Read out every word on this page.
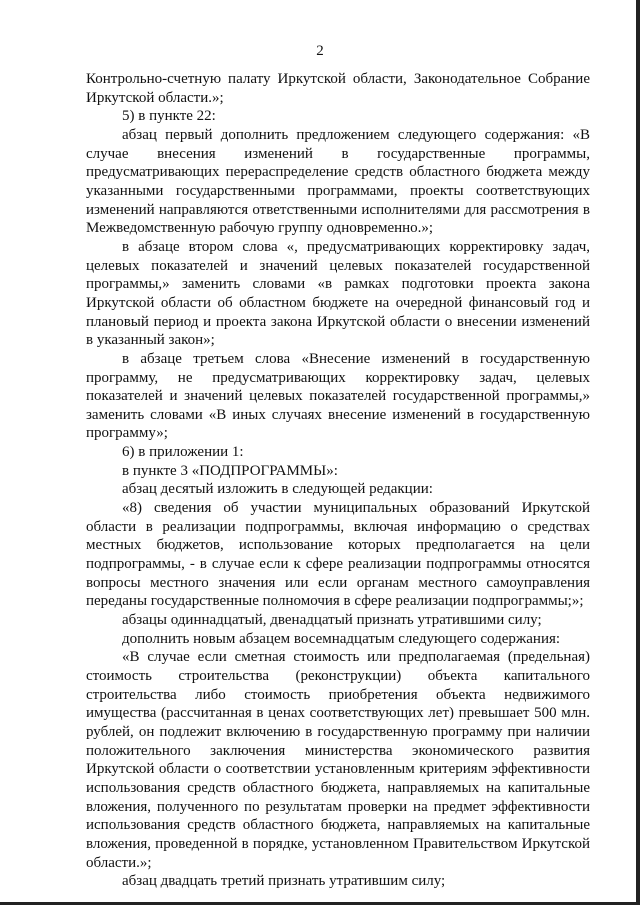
2

Контрольно-счетную палату Иркутской области, Законодательное Собрание Иркутской области.»;

5) в пункте 22:

абзац первый дополнить предложением следующего содержания: «В случае внесения изменений в государственные программы, предусматривающих перераспределение средств областного бюджета между указанными государственными программами, проекты соответствующих изменений направляются ответственными исполнителями для рассмотрения в Межведомственную рабочую группу одновременно.»;

в абзаце втором слова «, предусматривающих корректировку задач, целевых показателей и значений целевых показателей государственной программы,» заменить словами «в рамках подготовки проекта закона Иркутской области об областном бюджете на очередной финансовый год и плановый период и проекта закона Иркутской области о внесении изменений в указанный закон»;

в абзаце третьем слова «Внесение изменений в государственную программу, не предусматривающих корректировку задач, целевых показателей и значений целевых показателей государственной программы,» заменить словами «В иных случаях внесение изменений в государственную программу»;

6) в приложении 1:

в пункте 3 «ПОДПРОГРАММЫ»:

абзац десятый изложить в следующей редакции:

«8) сведения об участии муниципальных образований Иркутской области в реализации подпрограммы, включая информацию о средствах местных бюджетов, использование которых предполагается на цели подпрограммы, - в случае если к сфере реализации подпрограммы относятся вопросы местного значения или если органам местного самоуправления переданы государственные полномочия в сфере реализации подпрограммы;»;

абзацы одиннадцатый, двенадцатый признать утратившими силу;

дополнить новым абзацем восемнадцатым следующего содержания:

«В случае если сметная стоимость или предполагаемая (предельная) стоимость строительства (реконструкции) объекта капитального строительства либо стоимость приобретения объекта недвижимого имущества (рассчитанная в ценах соответствующих лет) превышает 500 млн. рублей, он подлежит включению в государственную программу при наличии положительного заключения министерства экономического развития Иркутской области о соответствии установленным критериям эффективности использования средств областного бюджета, направляемых на капитальные вложения, полученного по результатам проверки на предмет эффективности использования средств областного бюджета, направляемых на капитальные вложения, проведенной в порядке, установленном Правительством Иркутской области.»;

абзац двадцать третий признать утратившим силу;
